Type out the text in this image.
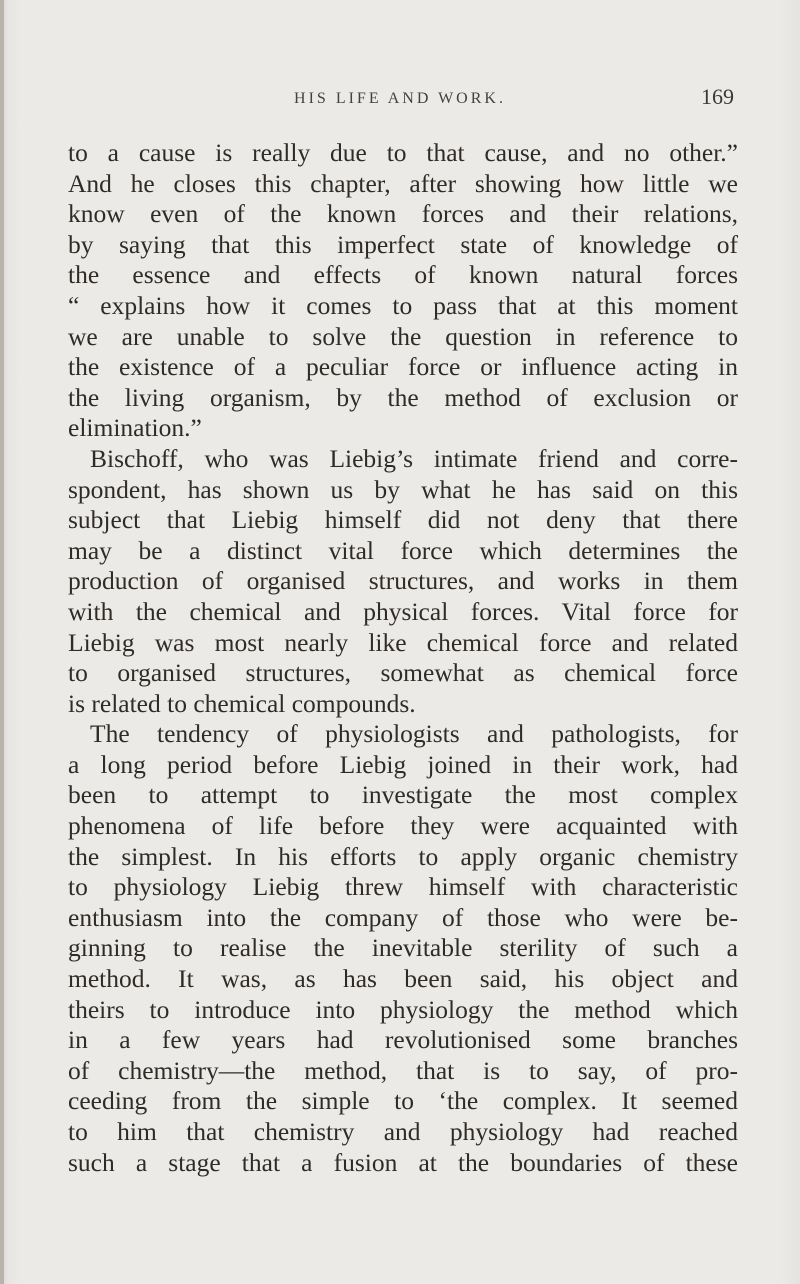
HIS LIFE AND WORK.	169
to a cause is really due to that cause, and no other.”
And he closes this chapter, after showing how little we
know even of the known forces and their relations,
by saying that this imperfect state of knowledge of
the essence and effects of known natural forces
“ explains how it comes to pass that at this moment
we are unable to solve the question in reference to
the existence of a peculiar force or influence acting in
the living organism, by the method of exclusion or
elimination.”
Bischoff, who was Liebig’s intimate friend and corre-
spondent, has shown us by what he has said on this
subject that Liebig himself did not deny that there
may be a distinct vital force which determines the
production of organised structures, and works in them
with the chemical and physical forces. Vital force for
Liebig was most nearly like chemical force and related
to organised structures, somewhat as chemical force
is related to chemical compounds.
The tendency of physiologists and pathologists, for
a long period before Liebig joined in their work, had
been to attempt to investigate the most complex
phenomena of life before they were acquainted with
the simplest. In his efforts to apply organic chemistry
to physiology Liebig threw himself with characteristic
enthusiasm into the company of those who were be-
ginning to realise the inevitable sterility of such a
method. It was, as has been said, his object and
theirs to introduce into physiology the method which
in a few years had revolutionised some branches
of chemistry—the method, that is to say, of pro-
ceeding from the simple to ‘the complex. It seemed
to him that chemistry and physiology had reached
such a stage that a fusion at the boundaries of these
